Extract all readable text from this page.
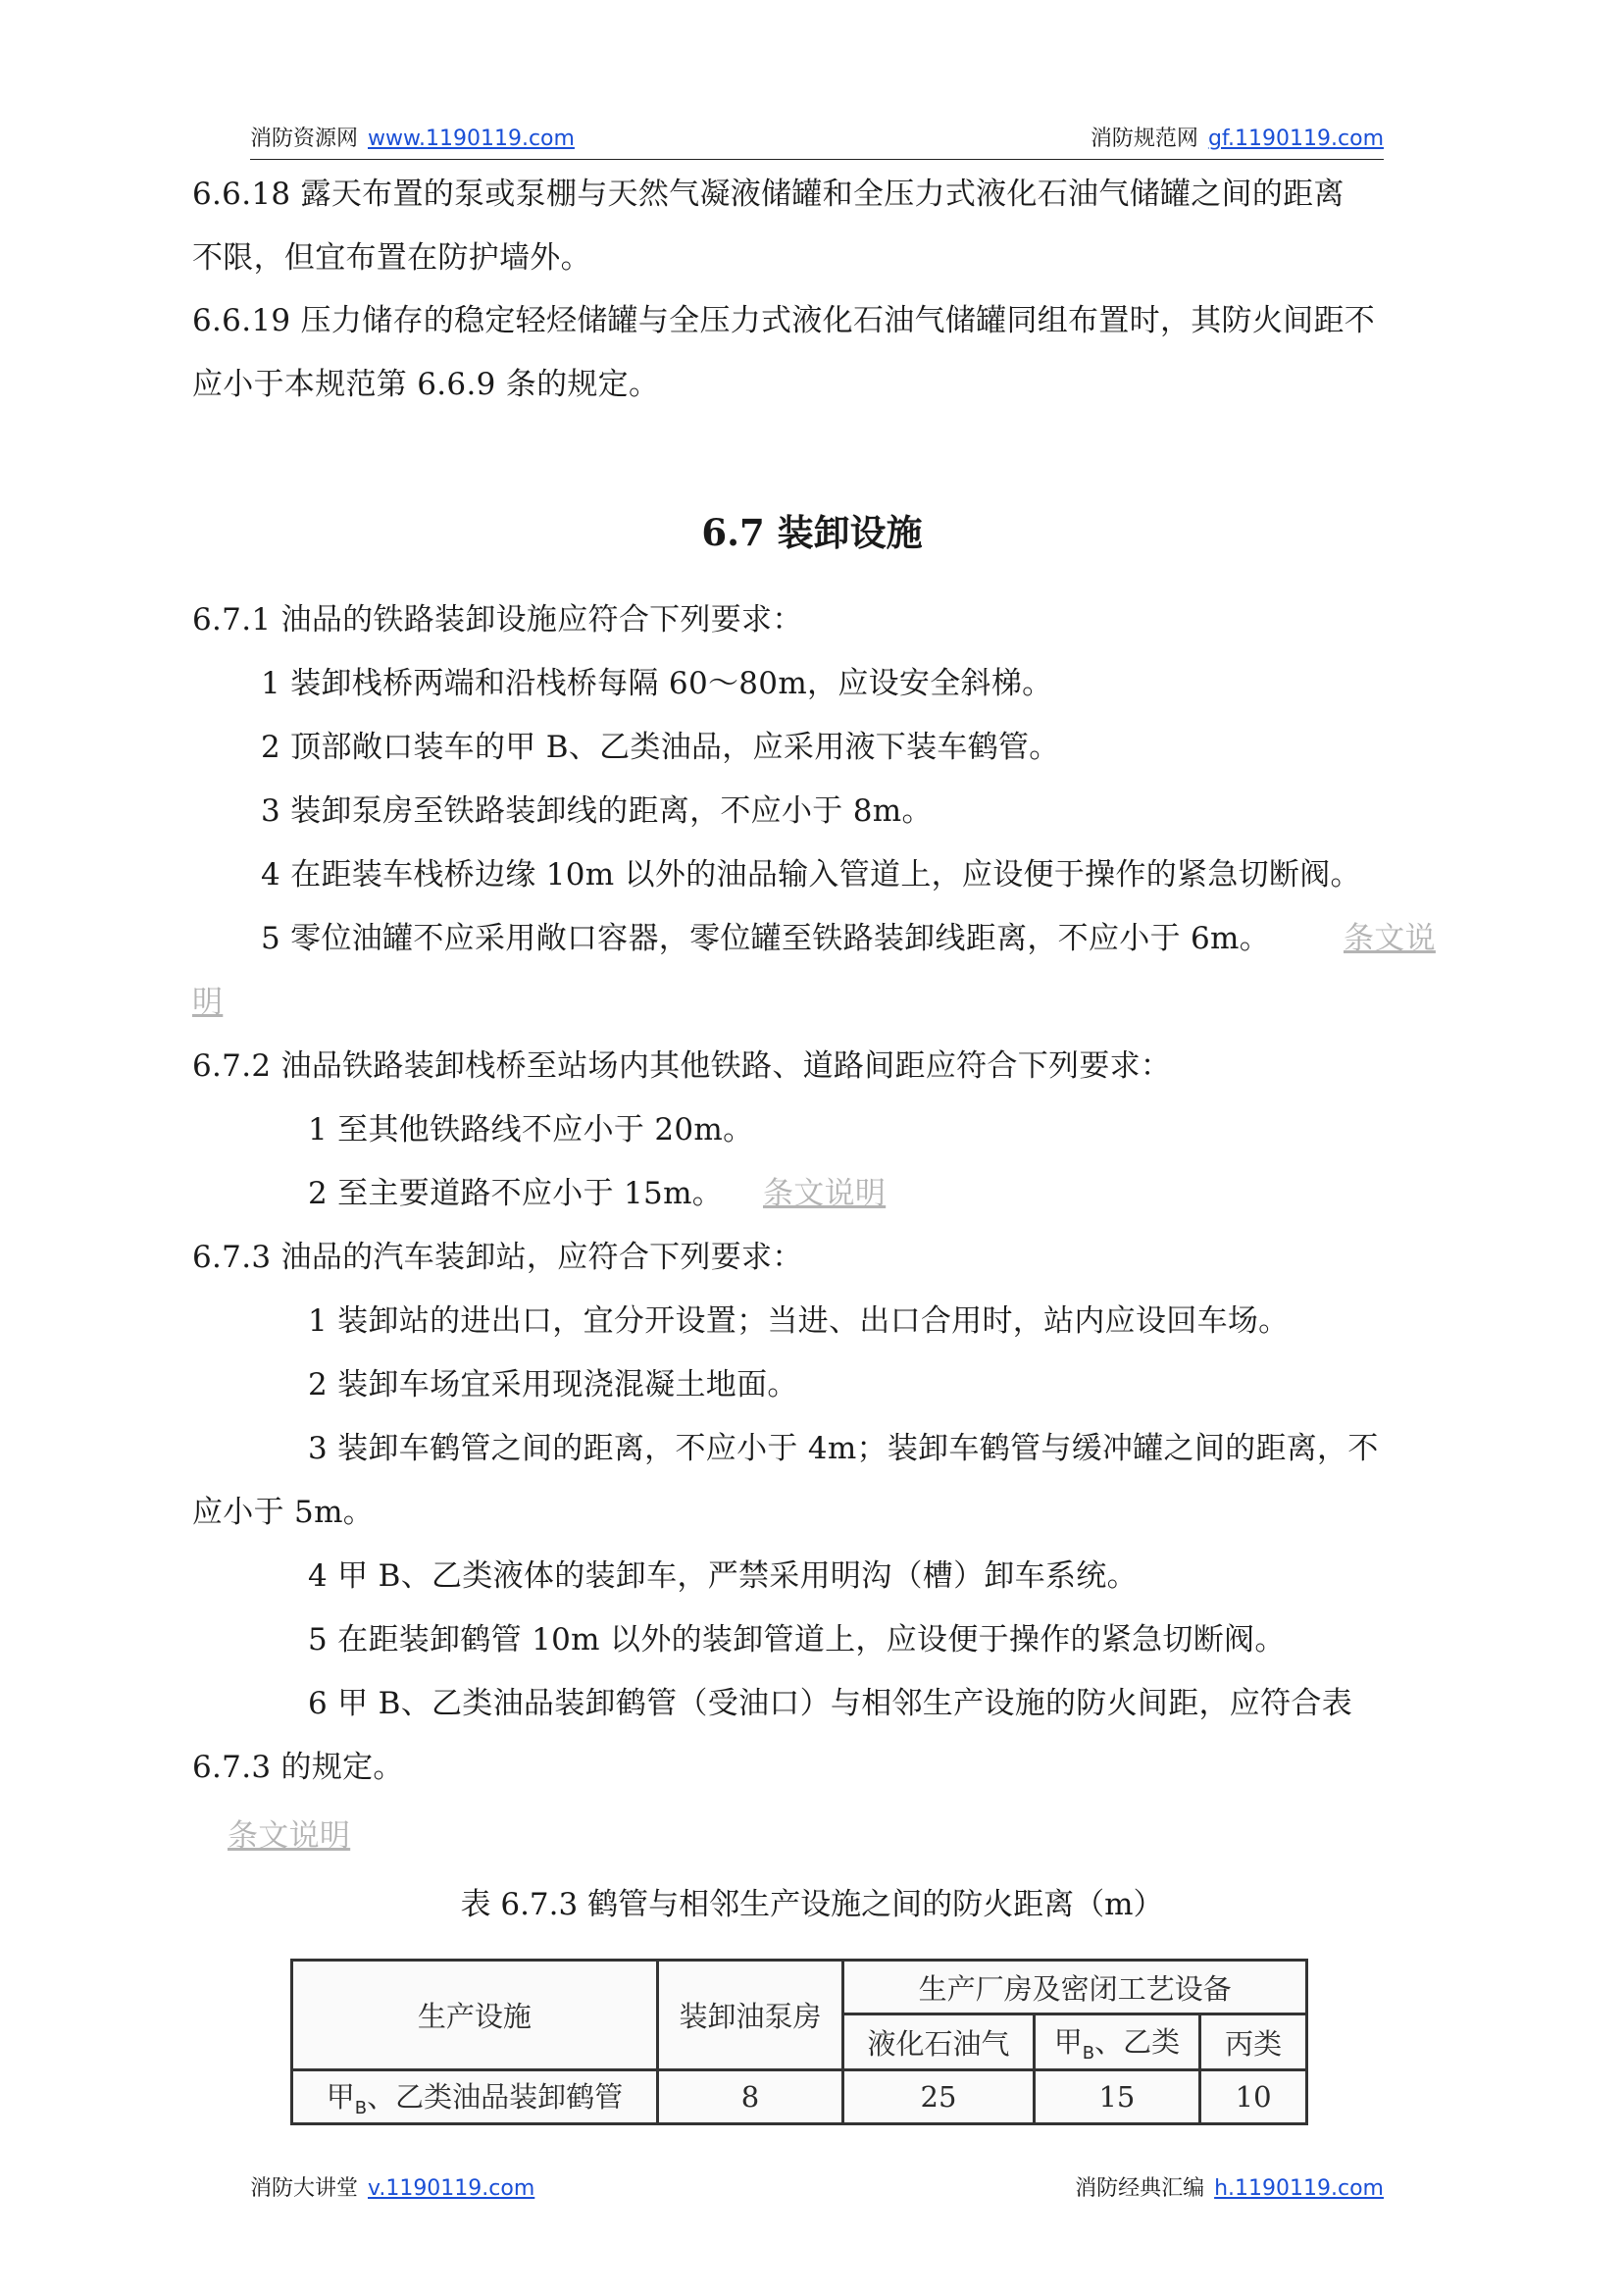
消防资源网 www.1190119.com	消防规范网 gf.1190119.com
6.6.18 露天布置的泵或泵棚与天然气凝液储罐和全压力式液化石油气储罐之间的距离
不限，但宜布置在防护墙外。
6.6.19 压力储存的稳定轻烃储罐与全压力式液化石油气储罐同组布置时，其防火间距不
应小于本规范第 6.6.9 条的规定。
6.7 装卸设施
6.7.1 油品的铁路装卸设施应符合下列要求：
1 装卸栈桥两端和沿栈桥每隔 60～80m，应设安全斜梯。
2 顶部敞口装车的甲 B、乙类油品，应采用液下装车鹤管。
3 装卸泵房至铁路装卸线的距离，不应小于 8m。
4 在距装车栈桥边缘 10m 以外的油品输入管道上，应设便于操作的紧急切断阀。
5 零位油罐不应采用敞口容器，零位罐至铁路装卸线距离，不应小于 6m。 条文说
明
6.7.2 油品铁路装卸栈桥至站场内其他铁路、道路间距应符合下列要求：
1 至其他铁路线不应小于 20m。
2 至主要道路不应小于 15m。 条文说明
6.7.3 油品的汽车装卸站，应符合下列要求：
1 装卸站的进出口，宜分开设置；当进、出口合用时，站内应设回车场。
2 装卸车场宜采用现浇混凝土地面。
3 装卸车鹤管之间的距离，不应小于 4m；装卸车鹤管与缓冲罐之间的距离，不
应小于 5m。
4 甲 B、乙类液体的装卸车，严禁采用明沟（槽）卸车系统。
5 在距装卸鹤管 10m 以外的装卸管道上，应设便于操作的紧急切断阀。
6 甲 B、乙类油品装卸鹤管（受油口）与相邻生产设施的防火间距，应符合表
6.7.3 的规定。
条文说明
表 6.7.3 鹤管与相邻生产设施之间的防火距离（m）
生产设施	装卸油泵房	生产厂房及密闭工艺设备		
		液化石油气	甲$_B$、乙类	丙类
甲$_B$、乙类油品装卸鹤管	8	25	15	10
消防大讲堂 v.1190119.com	消防经典汇编 h.1190119.com
